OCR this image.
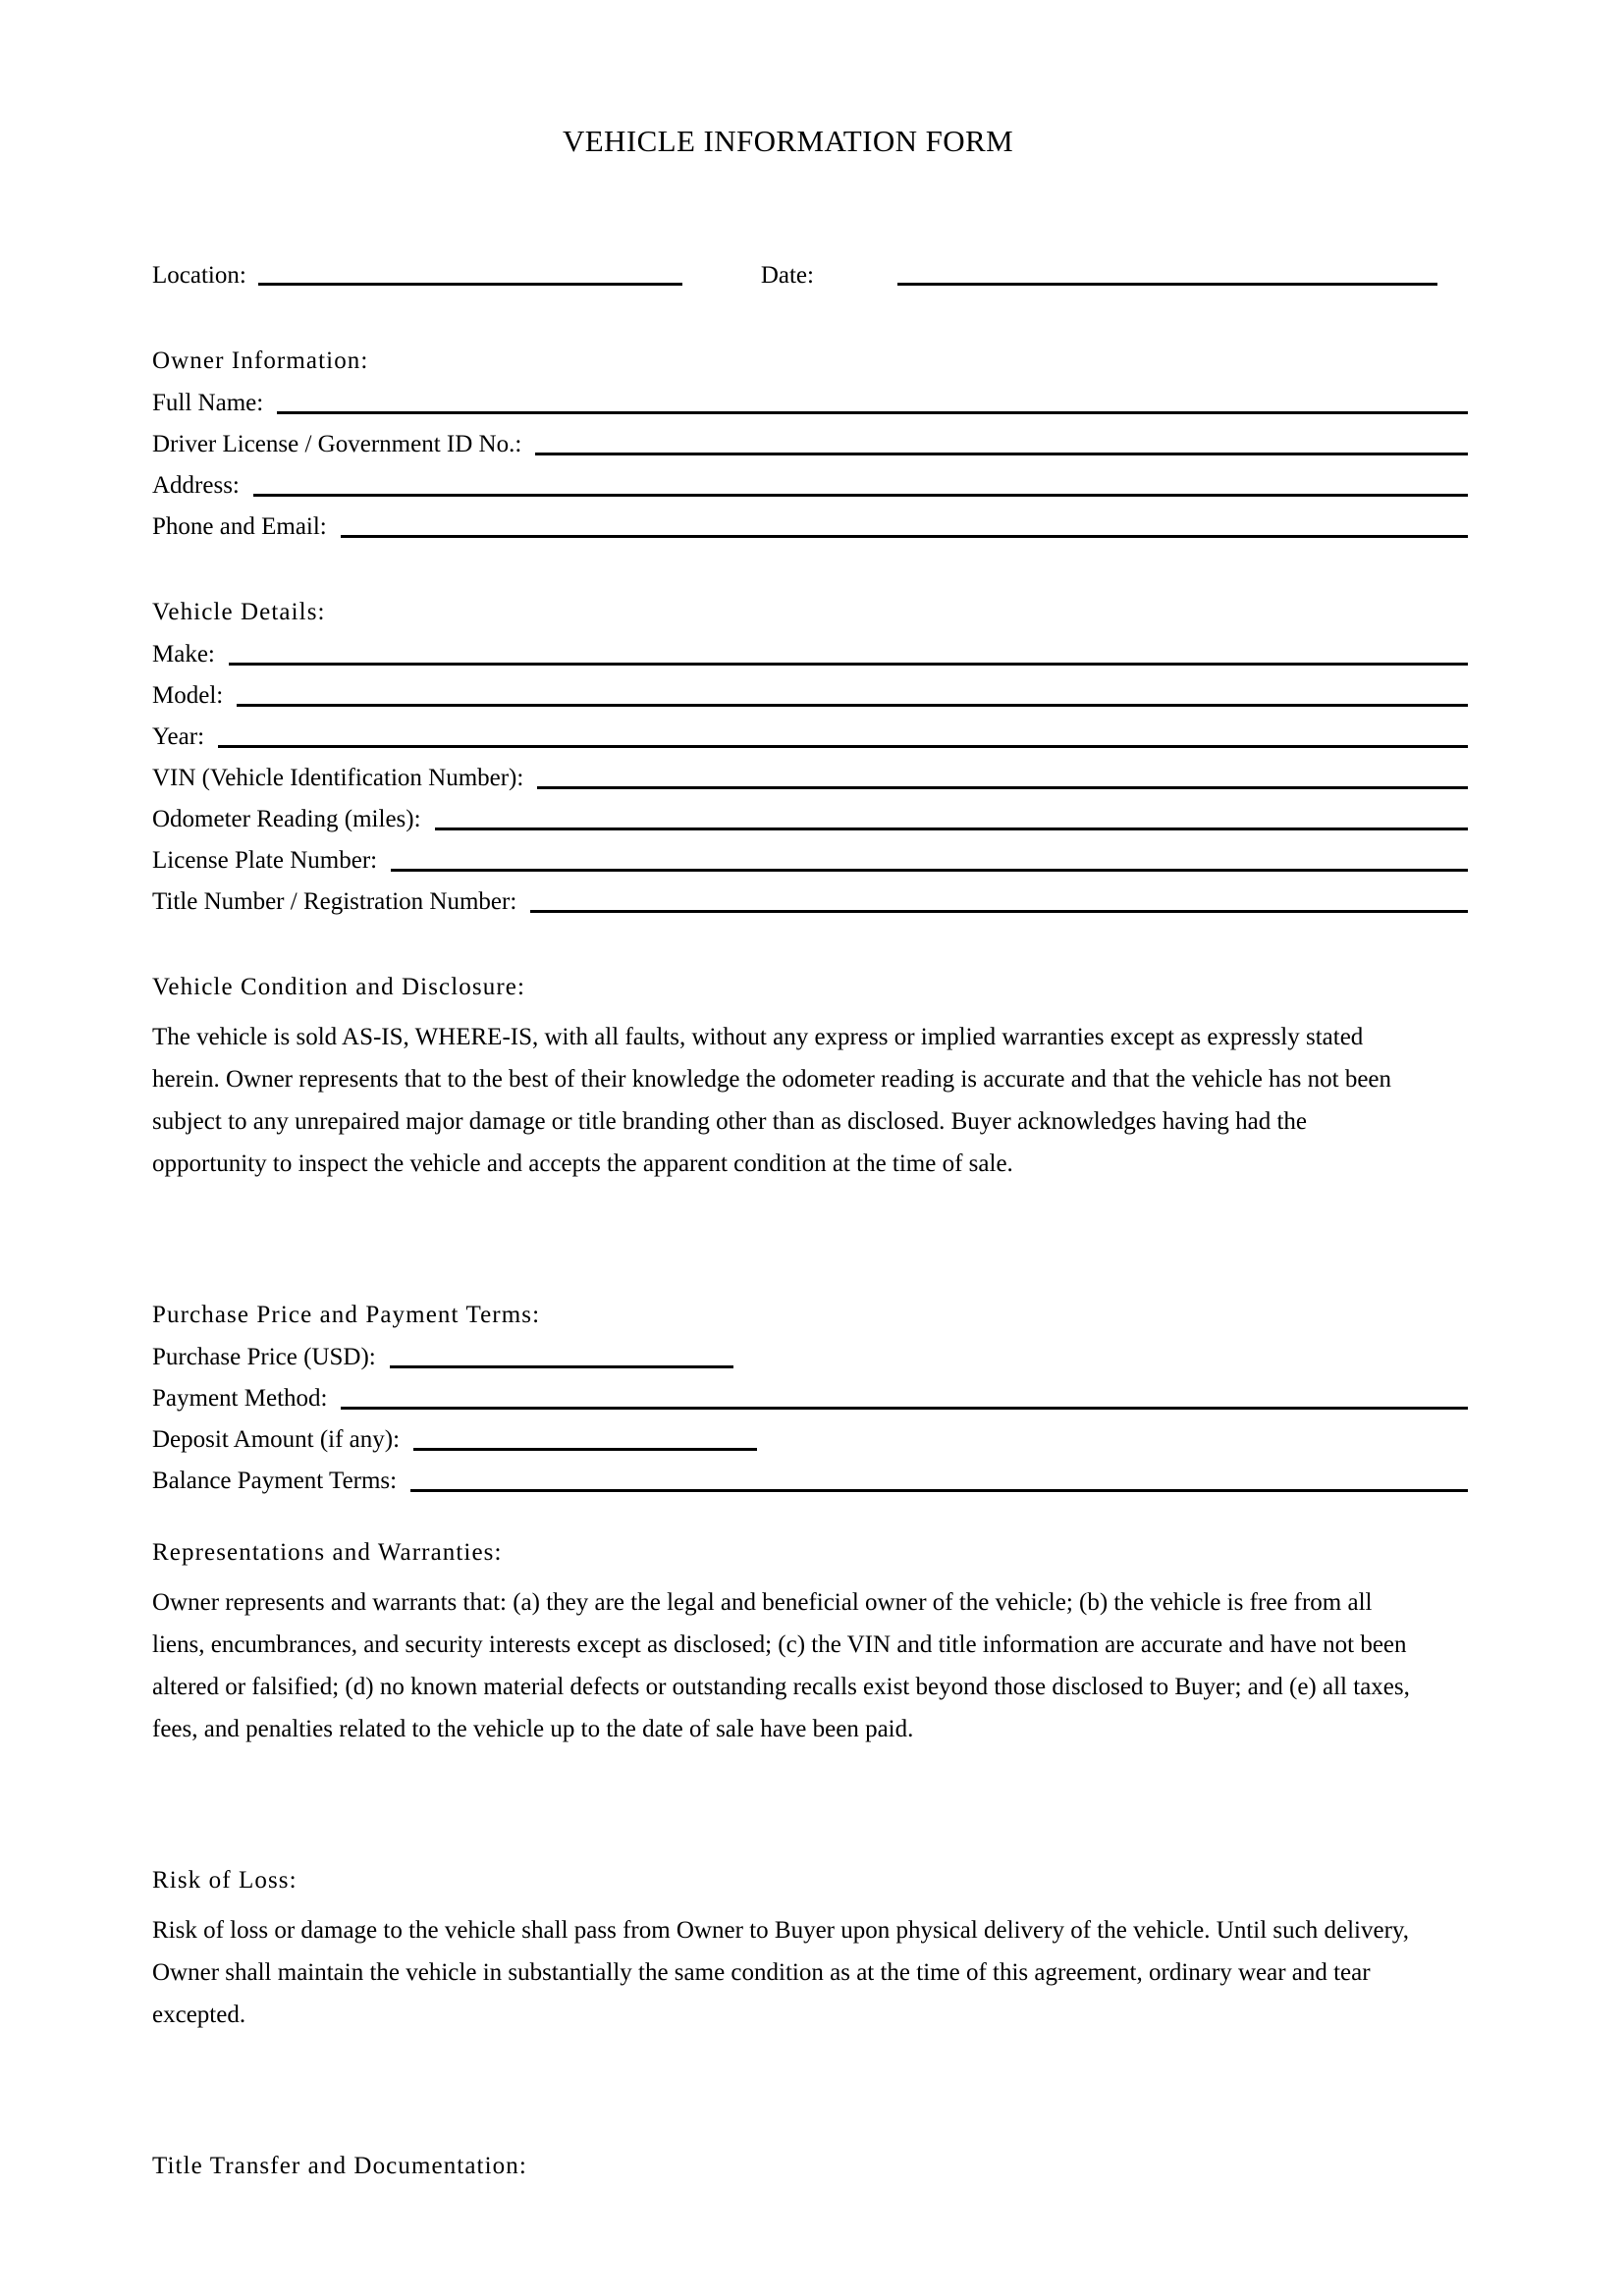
VEHICLE INFORMATION FORM
Location:	Date:
Owner Information:
Full Name:
Driver License / Government ID No.:
Address:
Phone and Email:
Vehicle Details:
Make:
Model:
Year:
VIN (Vehicle Identification Number):
Odometer Reading (miles):
License Plate Number:
Title Number / Registration Number:
Vehicle Condition and Disclosure:
The vehicle is sold AS-IS, WHERE-IS, with all faults, without any express or implied warranties except as expressly stated herein. Owner represents that to the best of their knowledge the odometer reading is accurate and that the vehicle has not been subject to any unrepaired major damage or title branding other than as disclosed. Buyer acknowledges having had the opportunity to inspect the vehicle and accepts the apparent condition at the time of sale.
Purchase Price and Payment Terms:
Purchase Price (USD):
Payment Method:
Deposit Amount (if any):
Balance Payment Terms:
Representations and Warranties:
Owner represents and warrants that: (a) they are the legal and beneficial owner of the vehicle; (b) the vehicle is free from all liens, encumbrances, and security interests except as disclosed; (c) the VIN and title information are accurate and have not been altered or falsified; (d) no known material defects or outstanding recalls exist beyond those disclosed to Buyer; and (e) all taxes, fees, and penalties related to the vehicle up to the date of sale have been paid.
Risk of Loss:
Risk of loss or damage to the vehicle shall pass from Owner to Buyer upon physical delivery of the vehicle. Until such delivery, Owner shall maintain the vehicle in substantially the same condition as at the time of this agreement, ordinary wear and tear excepted.
Title Transfer and Documentation:
